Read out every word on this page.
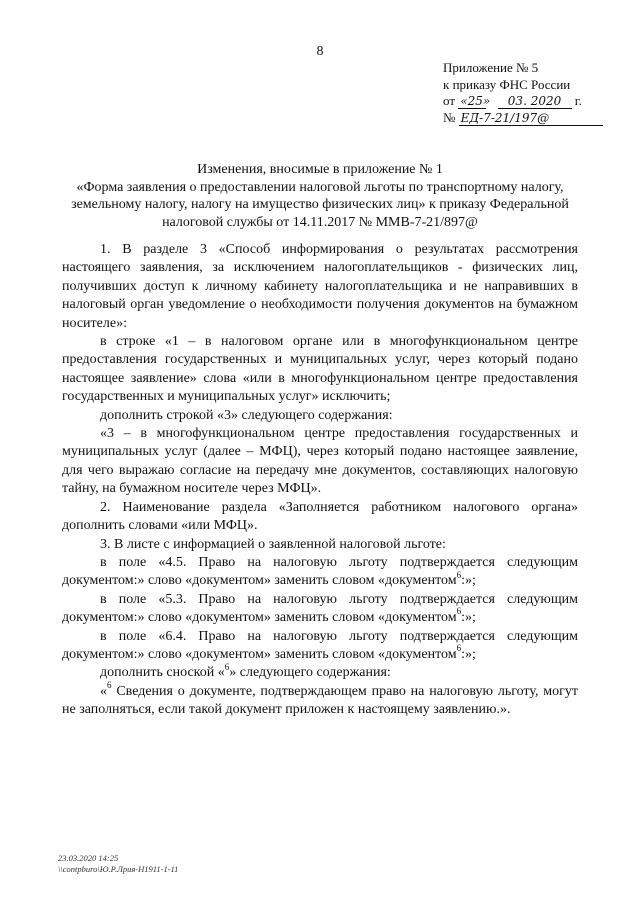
8
Приложение № 5
к приказу ФНС России
от «25» 03. 2020 г.
№ ЕД-7-21/197@
Изменения, вносимые в приложение № 1
«Форма заявления о предоставлении налоговой льготы по транспортному налогу, земельному налогу, налогу на имущество физических лиц» к приказу Федеральной налоговой службы от 14.11.2017 № ММВ-7-21/897@

1. В разделе 3 «Способ информирования о результатах рассмотрения настоящего заявления, за исключением налогоплательщиков - физических лиц, получивших доступ к личному кабинету налогоплательщика и не направивших в налоговый орган уведомление о необходимости получения документов на бумажном носителе»:

в строке «1 – в налоговом органе или в многофункциональном центре предоставления государственных и муниципальных услуг, через который подано настоящее заявление» слова «или в многофункциональном центре предоставления государственных и муниципальных услуг» исключить;

дополнить строкой «3» следующего содержания:

«3 – в многофункциональном центре предоставления государственных и муниципальных услуг (далее – МФЦ), через который подано настоящее заявление, для чего выражаю согласие на передачу мне документов, составляющих налоговую тайну, на бумажном носителе через МФЦ».

2. Наименование раздела «Заполняется работником налогового органа» дополнить словами «или МФЦ».

3. В листе с информацией о заявленной налоговой льготе:

в поле «4.5. Право на налоговую льготу подтверждается следующим документом:» слово «документом» заменить словом «документом$^6$:»;

в поле «5.3. Право на налоговую льготу подтверждается следующим документом:» слово «документом» заменить словом «документом$^6$:»;

в поле «6.4. Право на налоговую льготу подтверждается следующим документом:» слово «документом» заменить словом «документом$^6$:»;

дополнить сноской «$^6$» следующего содержания:

«$^6$ Сведения о документе, подтверждающем право на налоговую льготу, могут не заполняться, если такой документ приложен к настоящему заявлению.».

23.03.2020 14:25
\\contpburo\Ю.Р.Лрия-Н1911-1-11
